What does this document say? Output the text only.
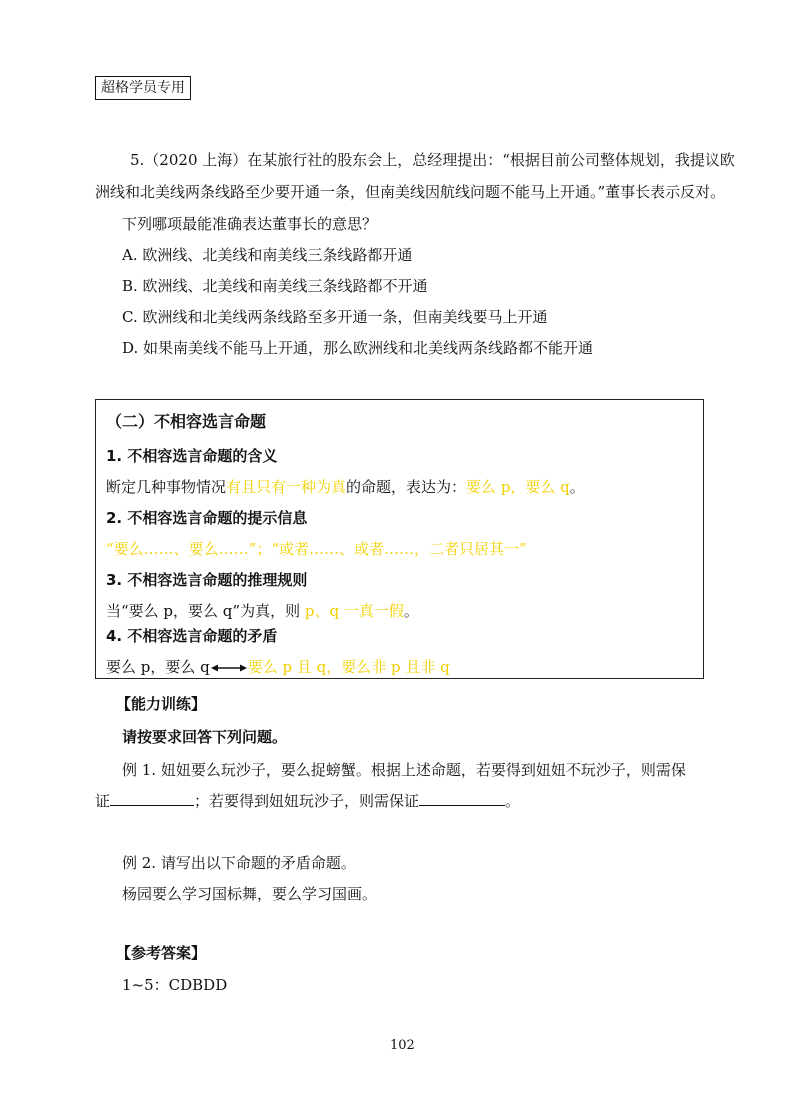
超格学员专用
5.（2020 上海）在某旅行社的股东会上，总经理提出：“根据目前公司整体规划，我提议欧
洲线和北美线两条线路至少要开通一条，但南美线因航线问题不能马上开通。”董事长表示反对。
下列哪项最能准确表达董事长的意思？
A. 欧洲线、北美线和南美线三条线路都开通
B. 欧洲线、北美线和南美线三条线路都不开通
C. 欧洲线和北美线两条线路至多开通一条，但南美线要马上开通
D. 如果南美线不能马上开通，那么欧洲线和北美线两条线路都不能开通
（二）不相容选言命题
1. 不相容选言命题的含义
断定几种事物情况有且只有一种为真的命题，表达为：要么 p，要么 q。
2. 不相容选言命题的提示信息
“要么……、要么……”；“或者……、或者……，二者只居其一”
3. 不相容选言命题的推理规则
当“要么 p，要么 q”为真，则 p、q 一真一假。
4. 不相容选言命题的矛盾
要么 p，要么 q	要么 p 且 q，要么非 p 且非 q
【能力训练】
请按要求回答下列问题。
例 1. 妞妞要么玩沙子，要么捉螃蟹。根据上述命题，若要得到妞妞不玩沙子，则需保
证	；若要得到妞妞玩沙子，则需保证	。
例 2. 请写出以下命题的矛盾命题。
杨园要么学习国标舞，要么学习国画。
【参考答案】
1~5：CDBDD
102
